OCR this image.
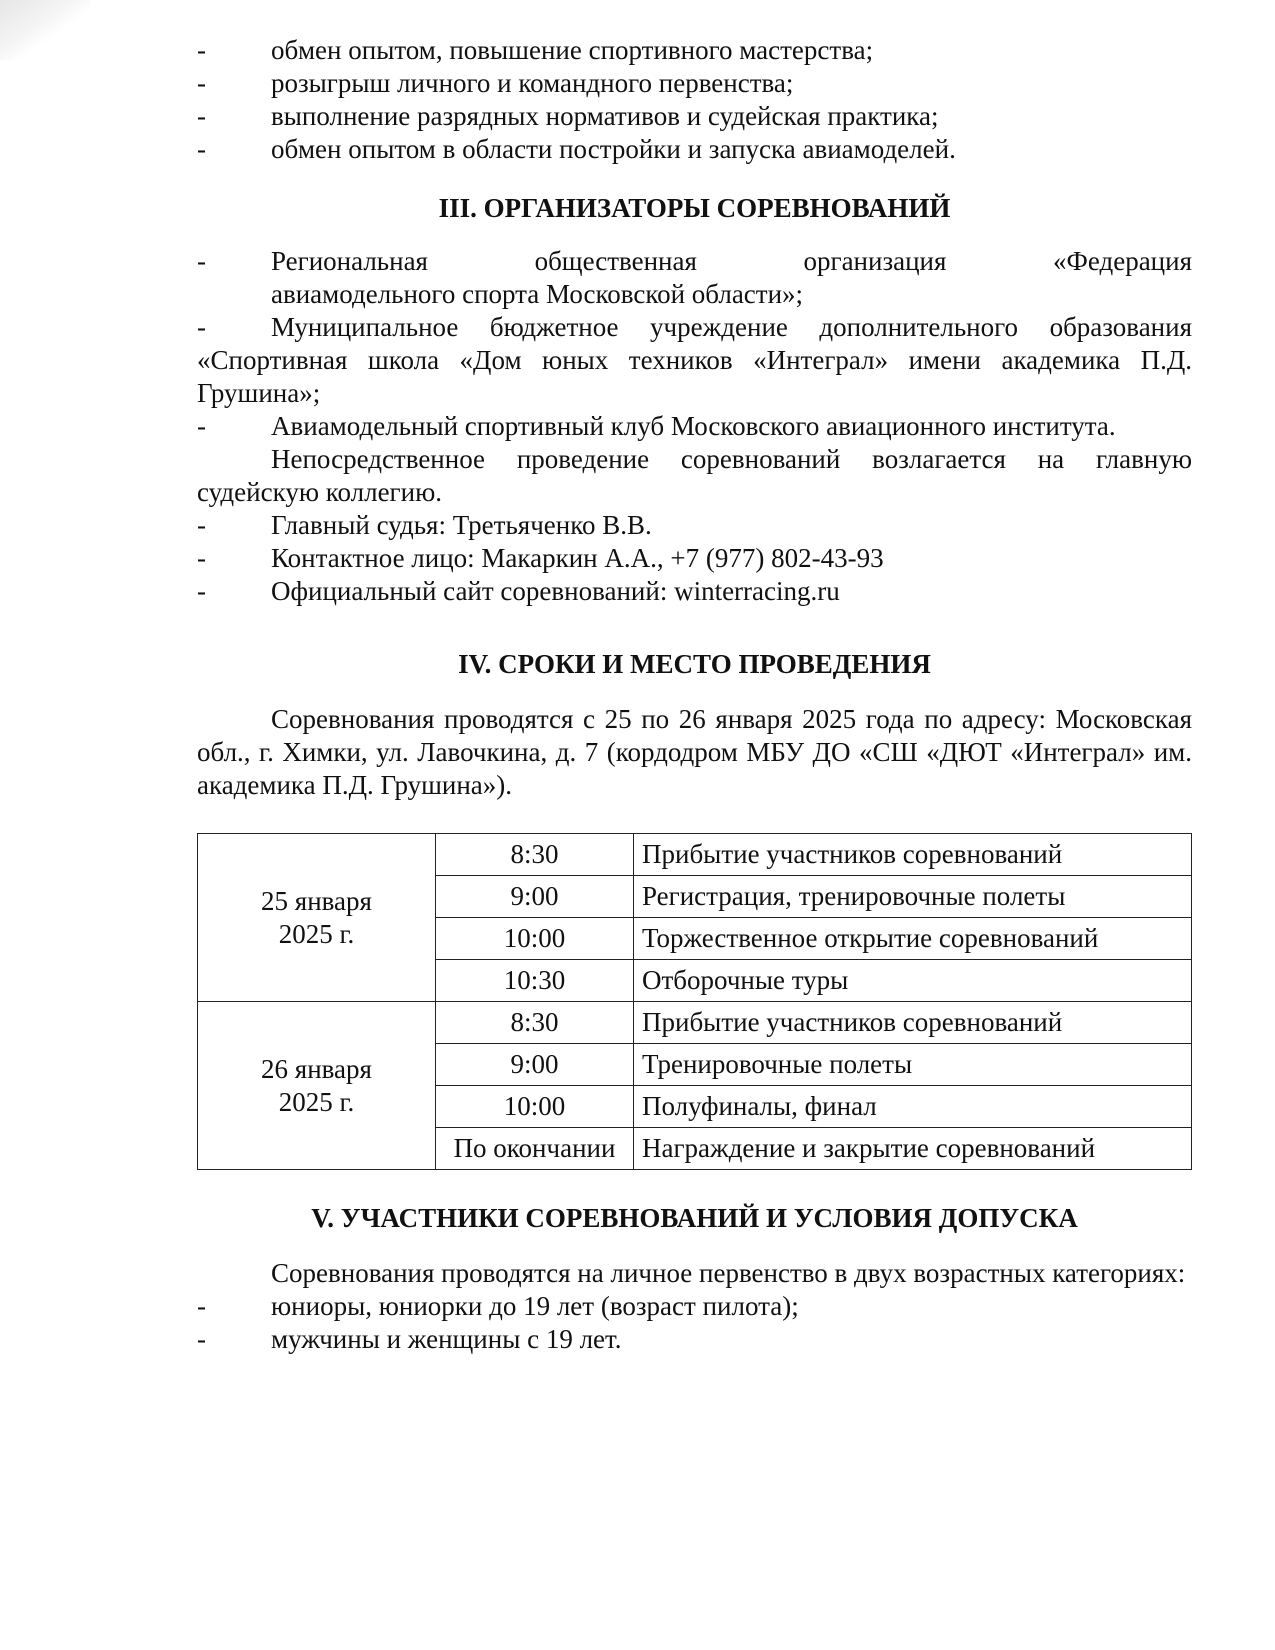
- обмен опытом, повышение спортивного мастерства;
- розыгрыш личного и командного первенства;
- выполнение разрядных нормативов и судейская практика;
- обмен опытом в области постройки и запуска авиамоделей.
III. ОРГАНИЗАТОРЫ СОРЕВНОВАНИЙ
- Региональная общественная организация «Федерация
авиамодельного спорта Московской области»;
- Муниципальное бюджетное учреждение дополнительного образования «Спортивная школа «Дом юных техников «Интеграл» имени академика П.Д. Грушина»;
- Авиамодельный спортивный клуб Московского авиационного института.
Непосредственное проведение соревнований возлагается на главную судейскую коллегию.
- Главный судья: Третьяченко В.В.
- Контактное лицо: Макаркин А.А., +7 (977) 802-43-93
- Официальный сайт соревнований: winterracing.ru
IV. СРОКИ И МЕСТО ПРОВЕДЕНИЯ
Соревнования проводятся с 25 по 26 января 2025 года по адресу: Московская обл., г. Химки, ул. Лавочкина, д. 7 (кордодром МБУ ДО «СШ «ДЮТ «Интеграл» им. академика П.Д. Грушина»).
25 января
2025 г.	8:30	Прибытие участников соревнований
	9:00	Регистрация, тренировочные полеты
	10:00	Торжественное открытие соревнований
	10:30	Отборочные туры
26 января
2025 г.	8:30	Прибытие участников соревнований
	9:00	Тренировочные полеты
	10:00	Полуфиналы, финал
	По окончании	Награждение и закрытие соревнований
V. УЧАСТНИКИ СОРЕВНОВАНИЙ И УСЛОВИЯ ДОПУСКА
Соревнования проводятся на личное первенство в двух возрастных категориях:
- юниоры, юниорки до 19 лет (возраст пилота);
- мужчины и женщины с 19 лет.
